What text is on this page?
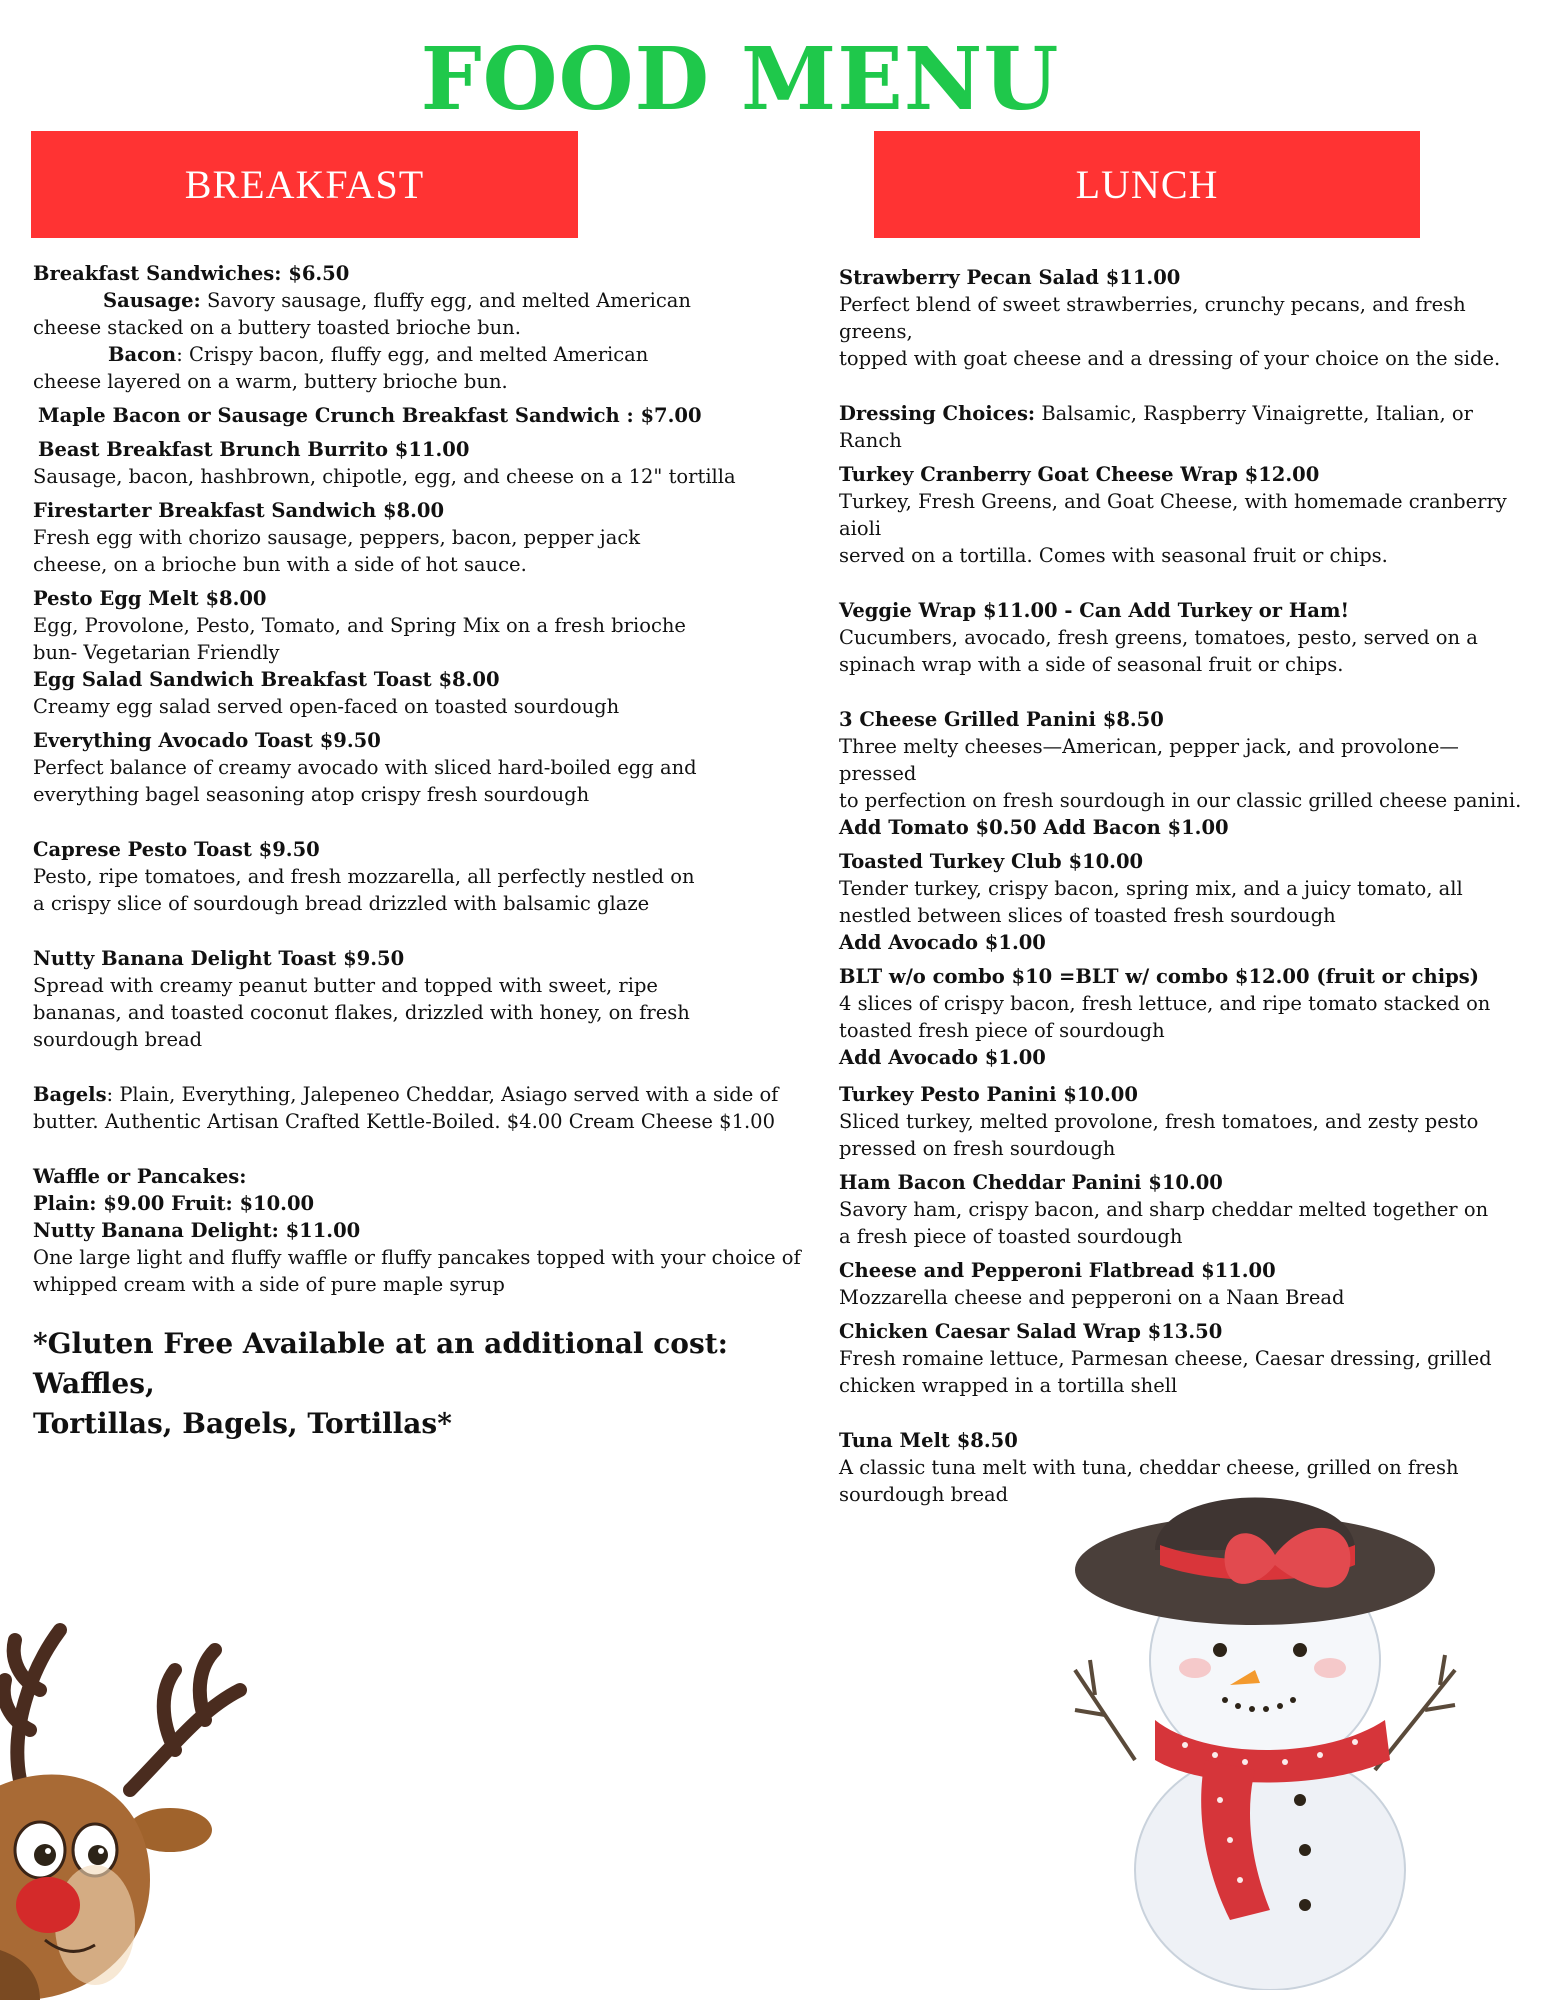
FOOD MENU
BREAKFAST	LUNCH
Breakfast Sandwiches: $6.50
Sausage: Savory sausage, fluffy egg, and melted American
cheese stacked on a buttery toasted brioche bun.
Bacon: Crispy bacon, fluffy egg, and melted American
cheese layered on a warm, buttery brioche bun.
Maple Bacon or Sausage Crunch Breakfast Sandwich : $7.00
Beast Breakfast Brunch Burrito $11.00
Sausage, bacon, hashbrown, chipotle, egg, and cheese on a 12" tortilla
Firestarter Breakfast Sandwich $8.00
Fresh egg with chorizo sausage, peppers, bacon, pepper jack
cheese, on a brioche bun with a side of hot sauce.
Pesto Egg Melt $8.00
Egg, Provolone, Pesto, Tomato, and Spring Mix on a fresh brioche
bun- Vegetarian Friendly
Egg Salad Sandwich Breakfast Toast $8.00
Creamy egg salad served open-faced on toasted sourdough
Everything Avocado Toast $9.50
Perfect balance of creamy avocado with sliced hard-boiled egg and
everything bagel seasoning atop crispy fresh sourdough
Caprese Pesto Toast $9.50
Pesto, ripe tomatoes, and fresh mozzarella, all perfectly nestled on
a crispy slice of sourdough bread drizzled with balsamic glaze
Nutty Banana Delight Toast $9.50
Spread with creamy peanut butter and topped with sweet, ripe
bananas, and toasted coconut flakes, drizzled with honey, on fresh
sourdough bread
Bagels: Plain, Everything, Jalepeneo Cheddar, Asiago served with a side of
butter. Authentic Artisan Crafted Kettle-Boiled. $4.00 Cream Cheese $1.00
Waffle or Pancakes:
Plain: $9.00 Fruit: $10.00
Nutty Banana Delight: $11.00
One large light and fluffy waffle or fluffy pancakes topped with your choice of
whipped cream with a side of pure maple syrup
*Gluten Free Available at an additional cost: Waffles,
Tortillas, Bagels, Tortillas*
Strawberry Pecan Salad $11.00
Perfect blend of sweet strawberries, crunchy pecans, and fresh greens,
topped with goat cheese and a dressing of your choice on the side.
Dressing Choices: Balsamic, Raspberry Vinaigrette, Italian, or Ranch
Turkey Cranberry Goat Cheese Wrap $12.00
Turkey, Fresh Greens, and Goat Cheese, with homemade cranberry aioli
served on a tortilla. Comes with seasonal fruit or chips.
Veggie Wrap $11.00 - Can Add Turkey or Ham!
Cucumbers, avocado, fresh greens, tomatoes, pesto, served on a
spinach wrap with a side of seasonal fruit or chips.
3 Cheese Grilled Panini $8.50
Three melty cheeses—American, pepper jack, and provolone—pressed
to perfection on fresh sourdough in our classic grilled cheese panini.
Add Tomato $0.50 Add Bacon $1.00
Toasted Turkey Club $10.00
Tender turkey, crispy bacon, spring mix, and a juicy tomato, all
nestled between slices of toasted fresh sourdough
Add Avocado $1.00
BLT w/o combo $10 =BLT w/ combo $12.00 (fruit or chips)
4 slices of crispy bacon, fresh lettuce, and ripe tomato stacked on
toasted fresh piece of sourdough
Add Avocado $1.00
Turkey Pesto Panini $10.00
Sliced turkey, melted provolone, fresh tomatoes, and zesty pesto
pressed on fresh sourdough
Ham Bacon Cheddar Panini $10.00
Savory ham, crispy bacon, and sharp cheddar melted together on
a fresh piece of toasted sourdough
Cheese and Pepperoni Flatbread $11.00
Mozzarella cheese and pepperoni on a Naan Bread
Chicken Caesar Salad Wrap $13.50
Fresh romaine lettuce, Parmesan cheese, Caesar dressing, grilled
chicken wrapped in a tortilla shell
Tuna Melt $8.50
A classic tuna melt with tuna, cheddar cheese, grilled on fresh
sourdough bread
